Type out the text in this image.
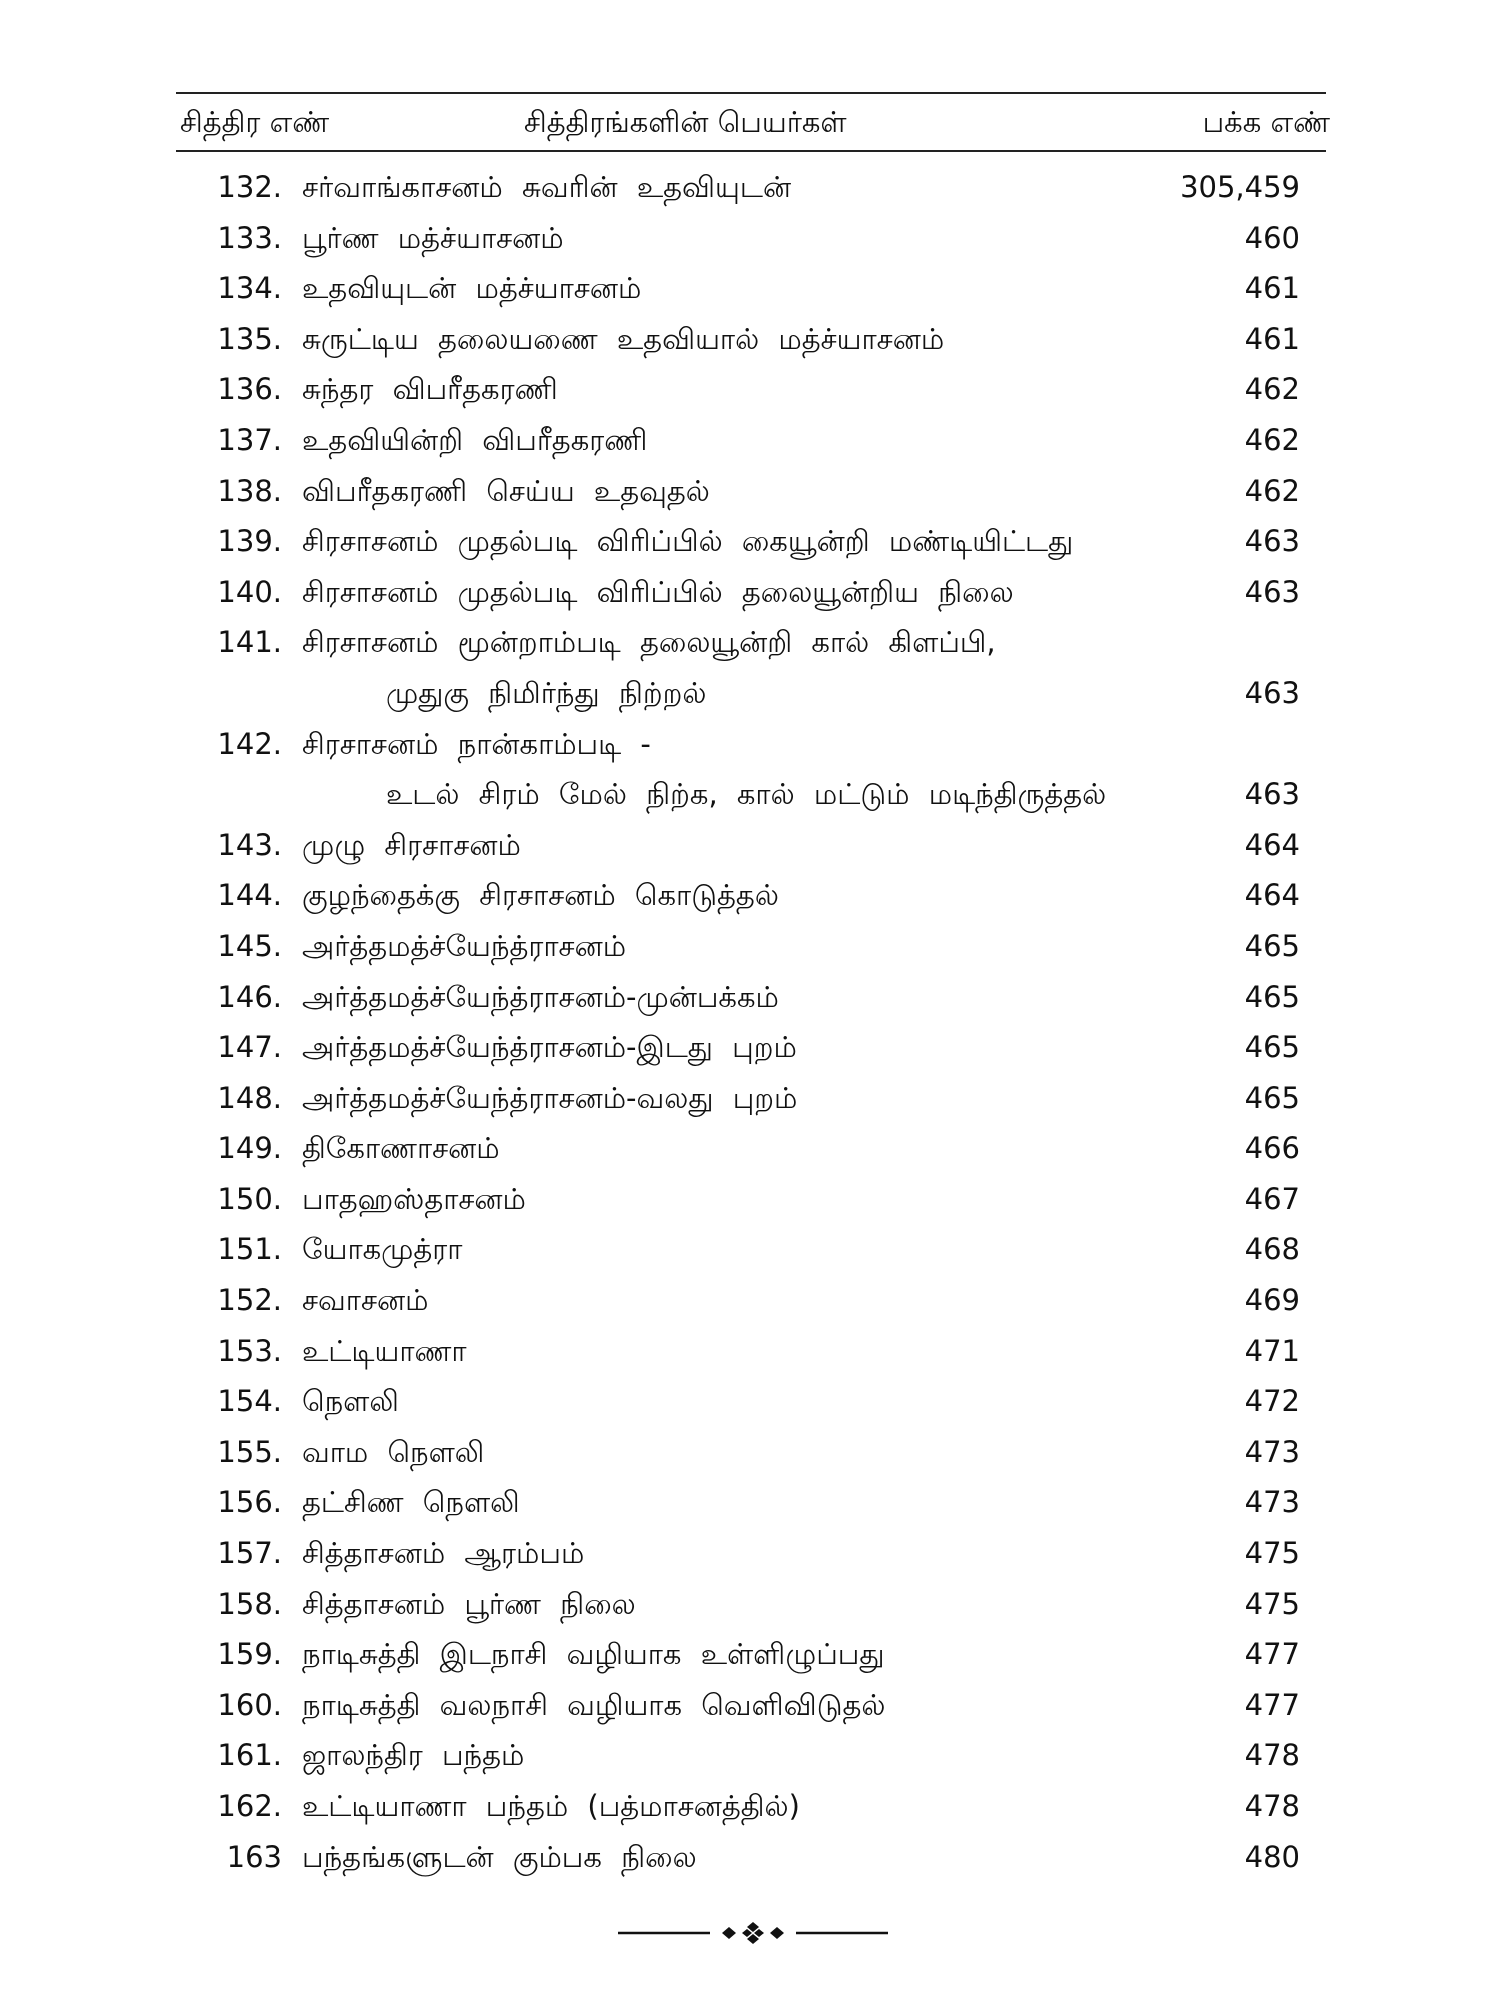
சித்திர எண்	சித்திரங்களின் பெயர்கள்	பக்க எண்
132. சர்வாங்காசனம் சுவரின் உதவியுடன்	305,459
133. பூர்ண மத்ச்யாசனம்	460
134. உதவியுடன் மத்ச்யாசனம்	461
135. சுருட்டிய தலையணை உதவியால் மத்ச்யாசனம்	461
136. சுந்தர விபரீதகரணி	462
137. உதவியின்றி விபரீதகரணி	462
138. விபரீதகரணி செய்ய உதவுதல்	462
139. சிரசாசனம் முதல்படி விரிப்பில் கையூன்றி மண்டியிட்டது	463
140. சிரசாசனம் முதல்படி விரிப்பில் தலையூன்றிய நிலை	463
141. சிரசாசனம் மூன்றாம்படி தலையூன்றி கால் கிளப்பி,
முதுகு நிமிர்ந்து நிற்றல்	463
142. சிரசாசனம் நான்காம்படி -
உடல் சிரம் மேல் நிற்க, கால் மட்டும் மடிந்திருத்தல்	463
143. முழு சிரசாசனம்	464
144. குழந்தைக்கு சிரசாசனம் கொடுத்தல்	464
145. அர்த்தமத்ச்யேந்த்ராசனம்	465
146. அர்த்தமத்ச்யேந்த்ராசனம்-முன்பக்கம்	465
147. அர்த்தமத்ச்யேந்த்ராசனம்-இடது புறம்	465
148. அர்த்தமத்ச்யேந்த்ராசனம்-வலது புறம்	465
149. திகோணாசனம்	466
150. பாதஹஸ்தாசனம்	467
151. யோகமுத்ரா	468
152. சவாசனம்	469
153. உட்டியாணா	471
154. நௌலி	472
155. வாம நௌலி	473
156. தட்சிண நௌலி	473
157. சித்தாசனம் ஆரம்பம்	475
158. சித்தாசனம் பூர்ண நிலை	475
159. நாடிசுத்தி இடநாசி வழியாக உள்ளிழுப்பது	477
160. நாடிசுத்தி வலநாசி வழியாக வெளிவிடுதல்	477
161. ஜாலந்திர பந்தம்	478
162. உட்டியாணா பந்தம் (பத்மாசனத்தில்)	478
163 பந்தங்களுடன் கும்பக நிலை	480
